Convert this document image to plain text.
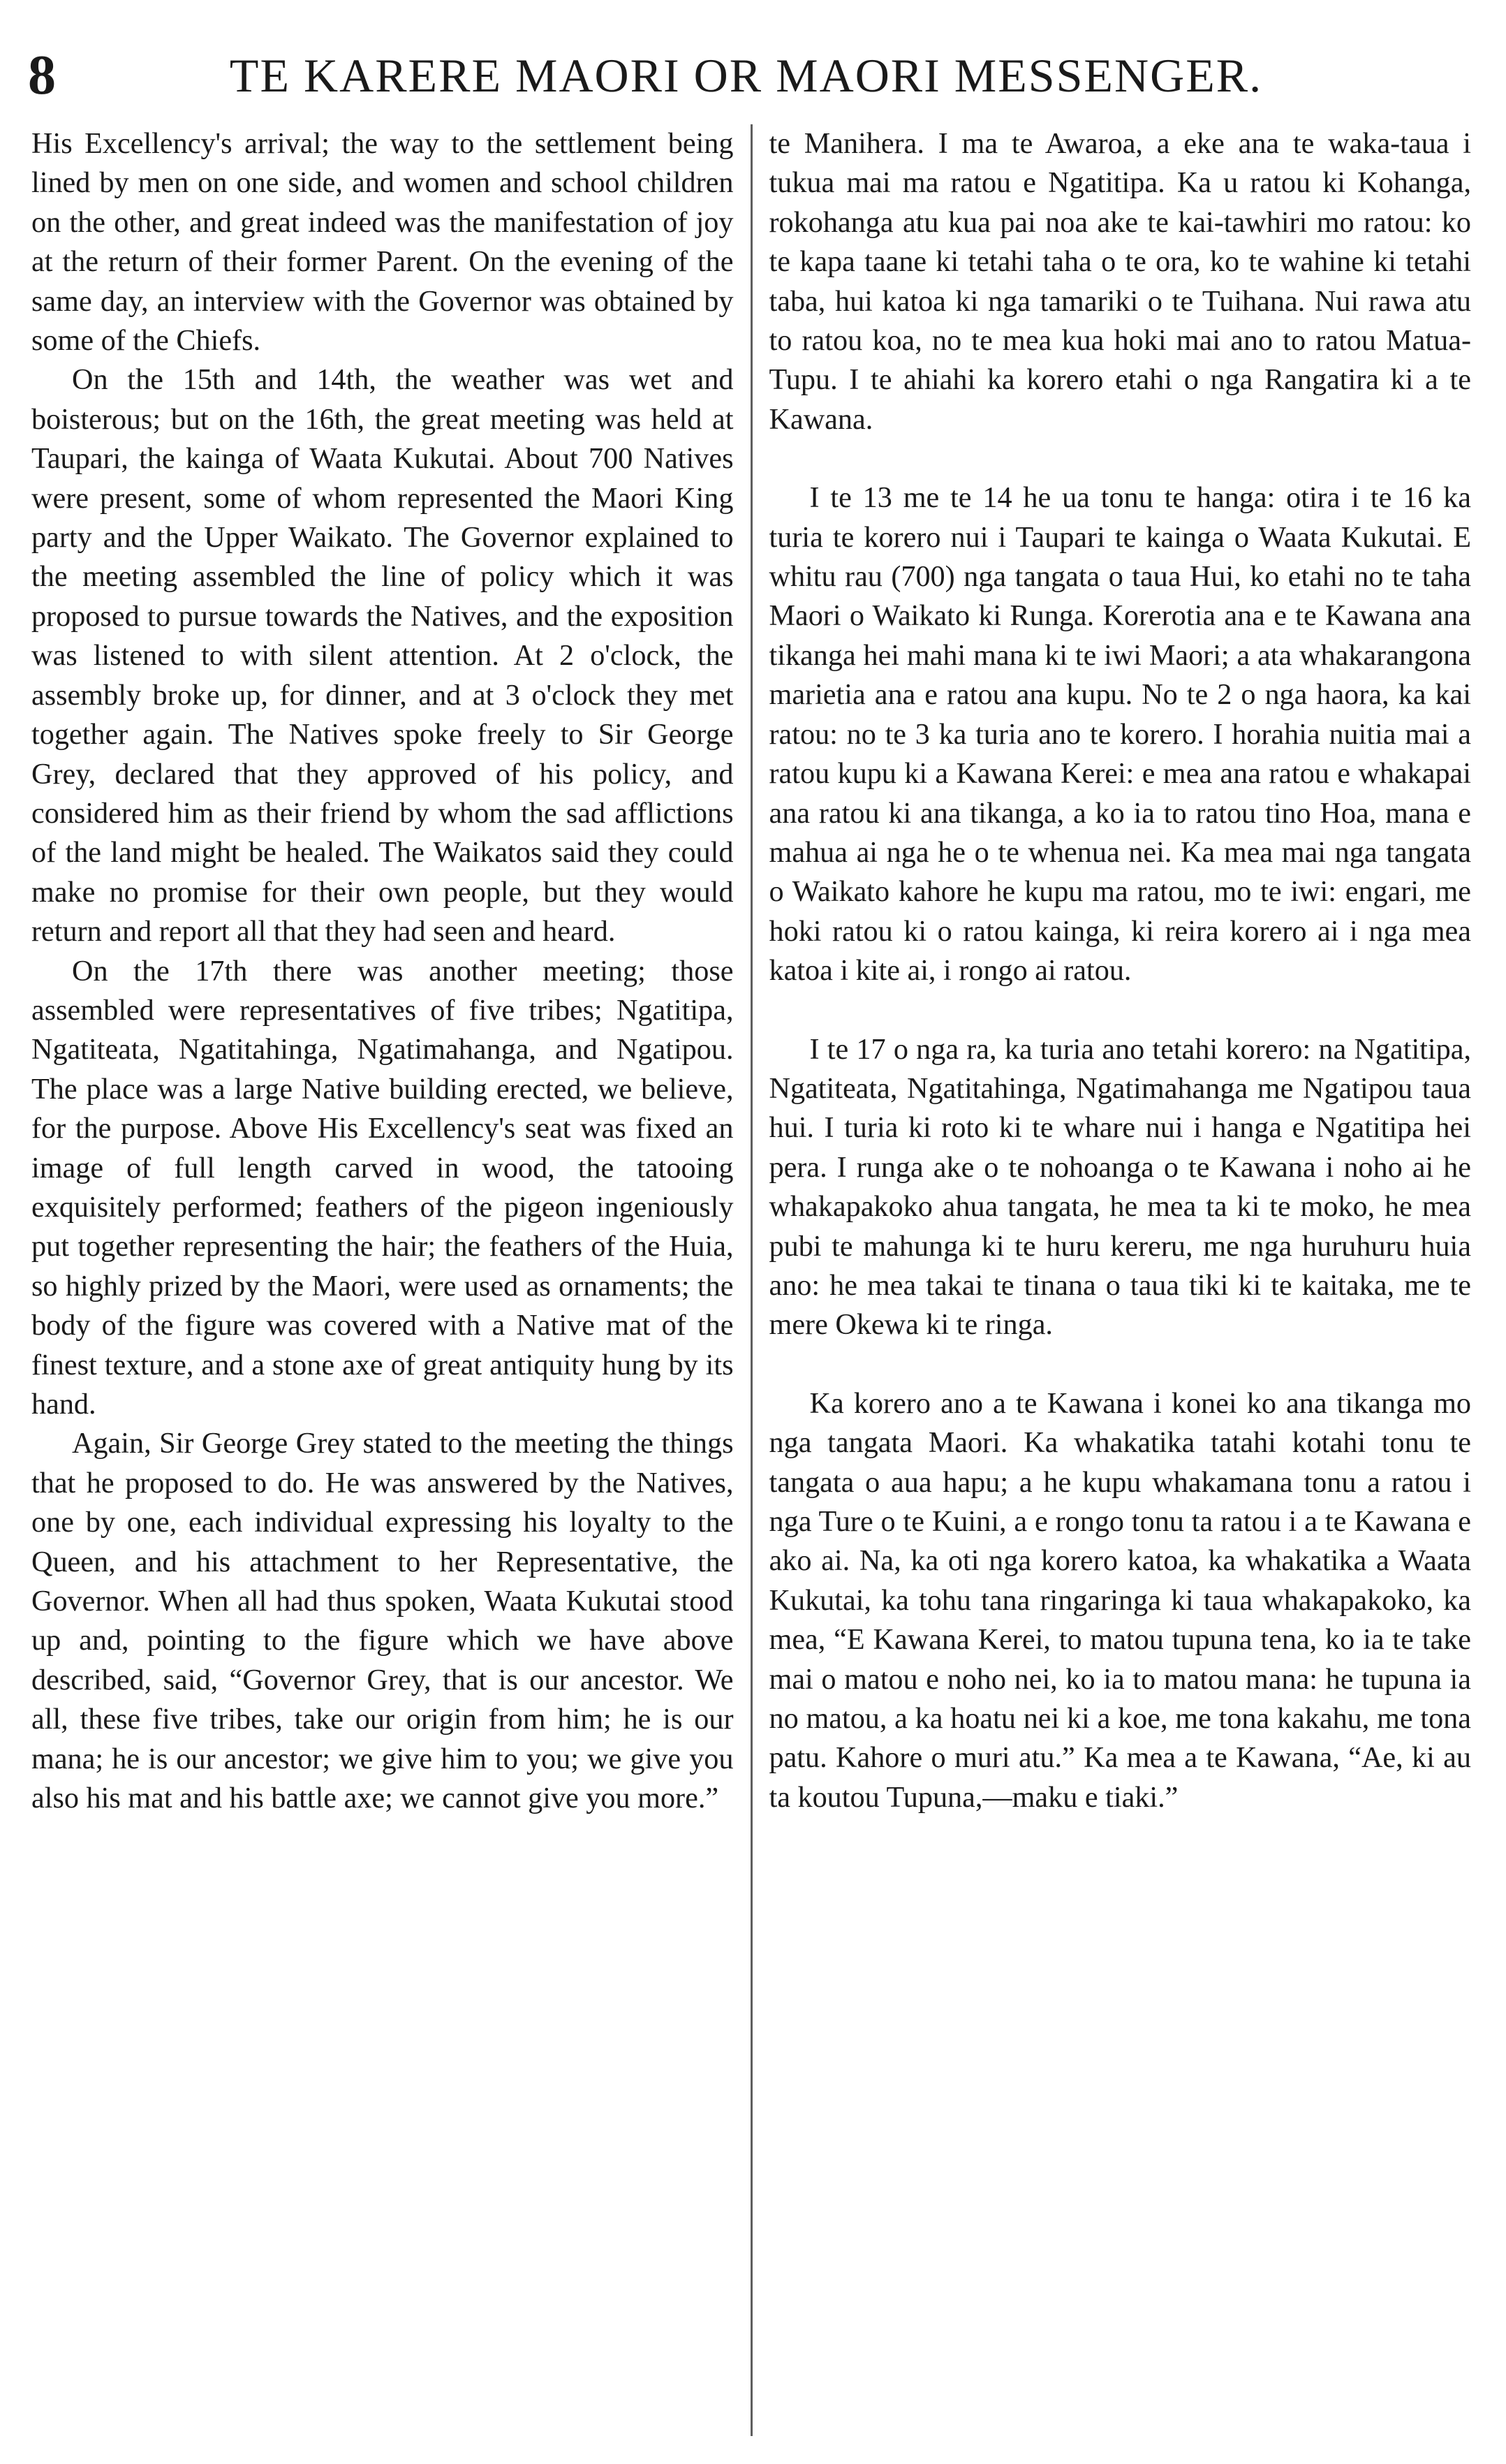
8	TE KARERE MAORI OR MAORI MESSENGER.

His Excellency's arrival; the way to the settlement being lined by men on one side, and women and school children on the other, and great indeed was the manifestation of joy at the return of their former Parent. On the evening of the same day, an interview with the Governor was obtained by some of the Chiefs.

On the 15th and 14th, the weather was wet and boisterous; but on the 16th, the great meeting was held at Taupari, the kainga of Waata Kukutai. About 700 Natives were present, some of whom represented the Maori King party and the Upper Waikato. The Governor explained to the meeting assembled the line of policy which it was proposed to pursue towards the Natives, and the exposition was listened to with silent attention. At 2 o'clock, the assembly broke up, for dinner, and at 3 o'clock they met together again. The Natives spoke freely to Sir George Grey, declared that they approved of his policy, and considered him as their friend by whom the sad afflictions of the land might be healed. The Waikatos said they could make no promise for their own people, but they would return and report all that they had seen and heard.

On the 17th there was another meeting; those assembled were representatives of five tribes; Ngatitipa, Ngatiteata, Ngatitahinga, Ngatimahanga, and Ngatipou. The place was a large Native building erected, we believe, for the purpose. Above His Excellency's seat was fixed an image of full length carved in wood, the tatooing exquisitely performed; feathers of the pigeon ingeniously put together representing the hair; the feathers of the Huia, so highly prized by the Maori, were used as ornaments; the body of the figure was covered with a Native mat of the finest texture, and a stone axe of great antiquity hung by its hand.

Again, Sir George Grey stated to the meeting the things that he proposed to do. He was answered by the Natives, one by one, each individual expressing his loyalty to the Queen, and his attachment to her Representative, the Governor. When all had thus spoken, Waata Kukutai stood up and, pointing to the figure which we have above described, said, “Governor Grey, that is our ancestor. We all, these five tribes, take our origin from him; he is our mana; he is our ancestor; we give him to you; we give you also his mat and his battle axe; we cannot give you more.”

te Manihera. I ma te Awaroa, a eke ana te waka-taua i tukua mai ma ratou e Ngatitipa. Ka u ratou ki Kohanga, rokohanga atu kua pai noa ake te kai-tawhiri mo ratou: ko te kapa taane ki tetahi taha o te ora, ko te wahine ki tetahi taba, hui katoa ki nga tamariki o te Tuihana. Nui rawa atu to ratou koa, no te mea kua hoki mai ano to ratou Matua-Tupu. I te ahiahi ka korero etahi o nga Rangatira ki a te Kawana.

I te 13 me te 14 he ua tonu te hanga: otira i te 16 ka turia te korero nui i Taupari te kainga o Waata Kukutai. E whitu rau (700) nga tangata o taua Hui, ko etahi no te taha Maori o Waikato ki Runga. Korerotia ana e te Kawana ana tikanga hei mahi mana ki te iwi Maori; a ata whakarangona marietia ana e ratou ana kupu. No te 2 o nga haora, ka kai ratou: no te 3 ka turia ano te korero. I horahia nuitia mai a ratou kupu ki a Kawana Kerei: e mea ana ratou e whakapai ana ratou ki ana tikanga, a ko ia to ratou tino Hoa, mana e mahua ai nga he o te whenua nei. Ka mea mai nga tangata o Waikato kahore he kupu ma ratou, mo te iwi: engari, me hoki ratou ki o ratou kainga, ki reira korero ai i nga mea katoa i kite ai, i rongo ai ratou.

I te 17 o nga ra, ka turia ano tetahi korero: na Ngatitipa, Ngatiteata, Ngatitahinga, Ngatimahanga me Ngatipou taua hui. I turia ki roto ki te whare nui i hanga e Ngatitipa hei pera. I runga ake o te nohoanga o te Kawana i noho ai he whakapakoko ahua tangata, he mea ta ki te moko, he mea pubi te mahunga ki te huru kereru, me nga huruhuru huia ano: he mea takai te tinana o taua tiki ki te kaitaka, me te mere Okewa ki te ringa.

Ka korero ano a te Kawana i konei ko ana tikanga mo nga tangata Maori. Ka whakatika tatahi kotahi tonu te tangata o aua hapu; a he kupu whakamana tonu a ratou i nga Ture o te Kuini, a e rongo tonu ta ratou i a te Kawana e ako ai. Na, ka oti nga korero katoa, ka whakatika a Waata Kukutai, ka tohu tana ringaringa ki taua whakapakoko, ka mea, “E Kawana Kerei, to matou tupuna tena, ko ia te take mai o matou e noho nei, ko ia to matou mana: he tupuna ia no matou, a ka hoatu nei ki a koe, me tona kakahu, me tona patu. Kahore o muri atu.” Ka mea a te Kawana, “Ae, ki au ta koutou Tupuna,—maku e tiaki.”
